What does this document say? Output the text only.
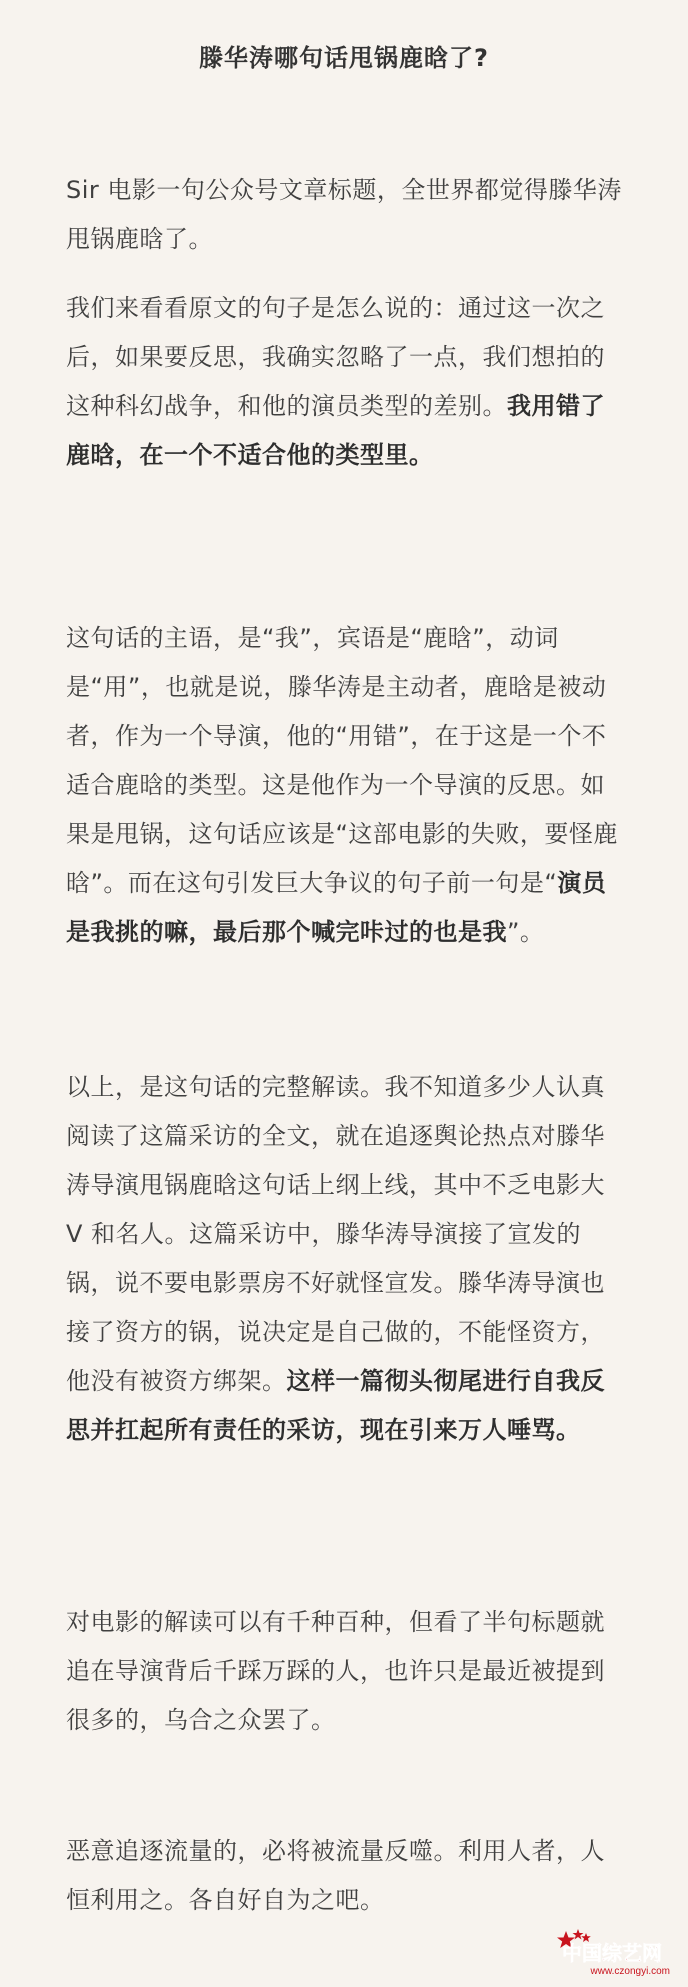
滕华涛哪句话甩锅鹿晗了?
Sir 电影一句公众号文章标题，全世界都觉得滕华涛甩锅鹿晗了。
我们来看看原文的句子是怎么说的：通过这一次之后，如果要反思，我确实忽略了一点，我们想拍的这种科幻战争，和他的演员类型的差别。我用错了鹿晗，在一个不适合他的类型里。
这句话的主语，是“我”，宾语是“鹿晗”，动词是“用”，也就是说，滕华涛是主动者，鹿晗是被动者，作为一个导演，他的“用错”，在于这是一个不适合鹿晗的类型。这是他作为一个导演的反思。如果是甩锅，这句话应该是“这部电影的失败，要怪鹿晗”。而在这句引发巨大争议的句子前一句是“演员是我挑的嘛，最后那个喊完咔过的也是我”。
以上，是这句话的完整解读。我不知道多少人认真阅读了这篇采访的全文，就在追逐舆论热点对滕华涛导演甩锅鹿晗这句话上纲上线，其中不乏电影大 V 和名人。这篇采访中，滕华涛导演接了宣发的锅，说不要电影票房不好就怪宣发。滕华涛导演也接了资方的锅，说决定是自己做的，不能怪资方，他没有被资方绑架。这样一篇彻头彻尾进行自我反思并扛起所有责任的采访，现在引来万人唾骂。
对电影的解读可以有千种百种，但看了半句标题就追在导演背后千踩万踩的人，也许只是最近被提到很多的，乌合之众罢了。
恶意追逐流量的，必将被流量反噬。利用人者，人恒利用之。各自好自为之吧。
中国综艺网
www.czongyi.com
